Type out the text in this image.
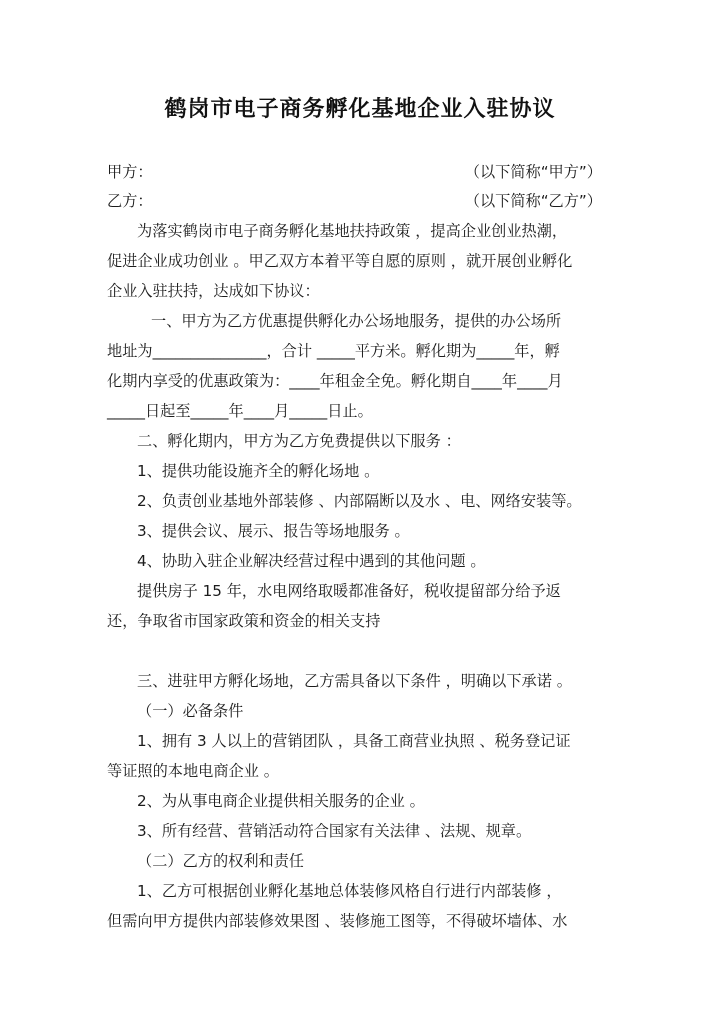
鹤岗市电子商务孵化基地企业入驻协议
甲方：	（以下简称“甲方”）
乙方：	（以下简称“乙方”）
为落实鹤岗市电子商务孵化基地扶持政策 ，提高企业创业热潮，
促进企业成功创业 。甲乙双方本着平等自愿的原则 ，就开展创业孵化
企业入驻扶持，达成如下协议：
一、甲方为乙方优惠提供孵化办公场地服务，提供的办公场所
地址为_______________，合计 _____平方米。孵化期为_____年，孵
化期内享受的优惠政策为：____年租金全免。孵化期自____年____月
_____日起至_____年____月_____日止。
二、孵化期内，甲方为乙方免费提供以下服务 ：
1、提供功能设施齐全的孵化场地 。
2、负责创业基地外部装修 、内部隔断以及水 、电、网络安装等。
3、提供会议、展示、报告等场地服务 。
4、协助入驻企业解决经营过程中遇到的其他问题 。
提供房子 15 年，水电网络取暖都准备好，税收提留部分给予返
还，争取省市国家政策和资金的相关支持
三、进驻甲方孵化场地，乙方需具备以下条件 ，明确以下承诺 。
（一）必备条件
1、拥有 3 人以上的营销团队 ，具备工商营业执照 、税务登记证
等证照的本地电商企业 。
2、为从事电商企业提供相关服务的企业 。
3、所有经营、营销活动符合国家有关法律 、法规、规章。
（二）乙方的权利和责任
1、乙方可根据创业孵化基地总体装修风格自行进行内部装修 ，
但需向甲方提供内部装修效果图 、装修施工图等，不得破坏墙体、水
